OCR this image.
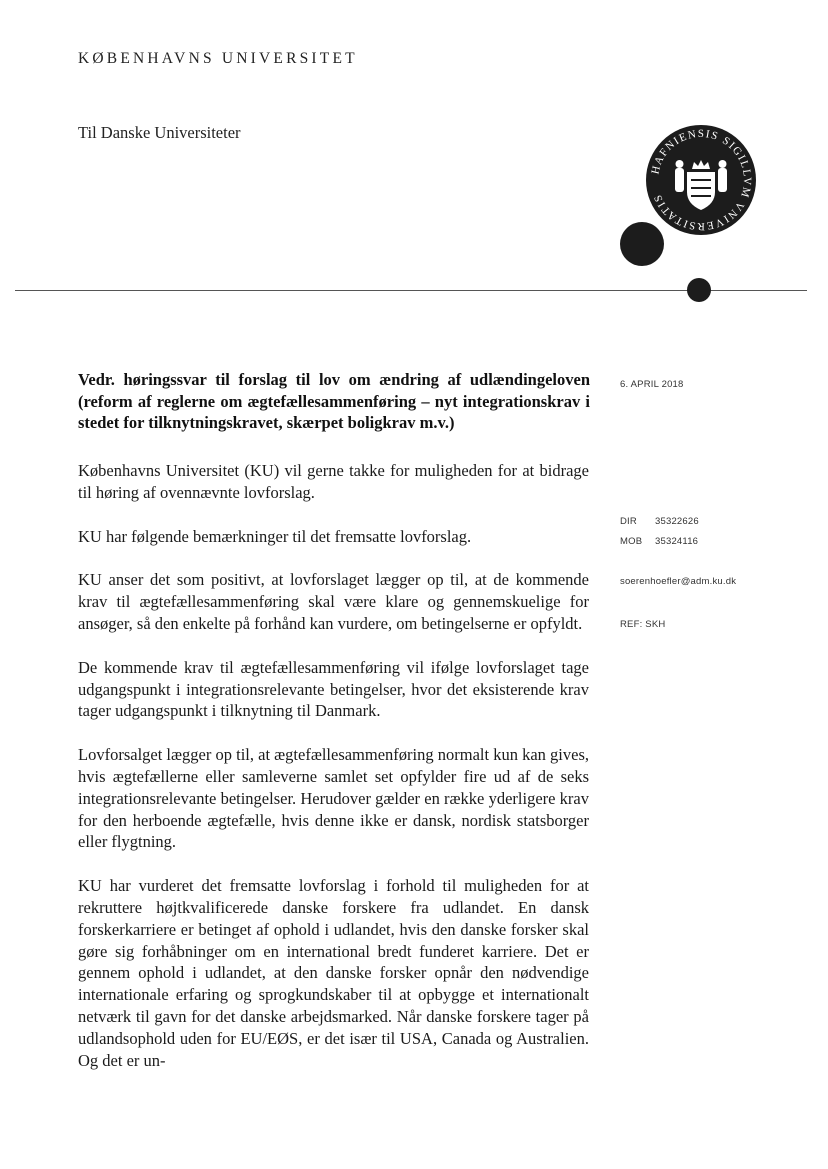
KØBENHAVNS UNIVERSITET
Til Danske Universiteter
HAFNIENSIS SIGILLVM VNIVERSITATIS
Vedr. høringssvar til forslag til lov om ændring af udlændingeloven (reform af reglerne om ægtefællesammenføring – nyt integrationskrav i stedet for tilknytningskravet, skærpet boligkrav m.v.)

Københavns Universitet (KU) vil gerne takke for muligheden for at bidrage til høring af ovennævnte lovforslag.

KU har følgende bemærkninger til det fremsatte lovforslag.

KU anser det som positivt, at lovforslaget lægger op til, at de kommende krav til ægtefællesammenføring skal være klare og gennemskuelige for ansøger, så den enkelte på forhånd kan vurdere, om betingelserne er opfyldt.

De kommende krav til ægtefællesammenføring vil ifølge lovforslaget tage udgangspunkt i integrationsrelevante betingelser, hvor det eksisterende krav tager udgangspunkt i tilknytning til Danmark.

Lovforsalget lægger op til, at ægtefællesammenføring normalt kun kan gives, hvis ægtefællerne eller samleverne samlet set opfylder fire ud af de seks integrationsrelevante betingelser. Herudover gælder en række yderligere krav for den herboende ægtefælle, hvis denne ikke er dansk, nordisk statsborger eller flygtning.

KU har vurderet det fremsatte lovforslag i forhold til muligheden for at rekruttere højtkvalificerede danske forskere fra udlandet. En dansk forskerkarriere er betinget af ophold i udlandet, hvis den danske forsker skal gøre sig forhåbninger om en international bredt funderet karriere. Det er gennem ophold i udlandet, at den danske forsker opnår den nødvendige internationale erfaring og sprogkundskaber til at opbygge et internationalt netværk til gavn for det danske arbejdsmarked. Når danske forskere tager på udlandsophold uden for EU/EØS, er det især til USA, Canada og Australien. Og det er un-

6. APRIL 2018
DIR 35322626
MOB 35324116
soerenhoefler@adm.ku.dk
REF: SKH
